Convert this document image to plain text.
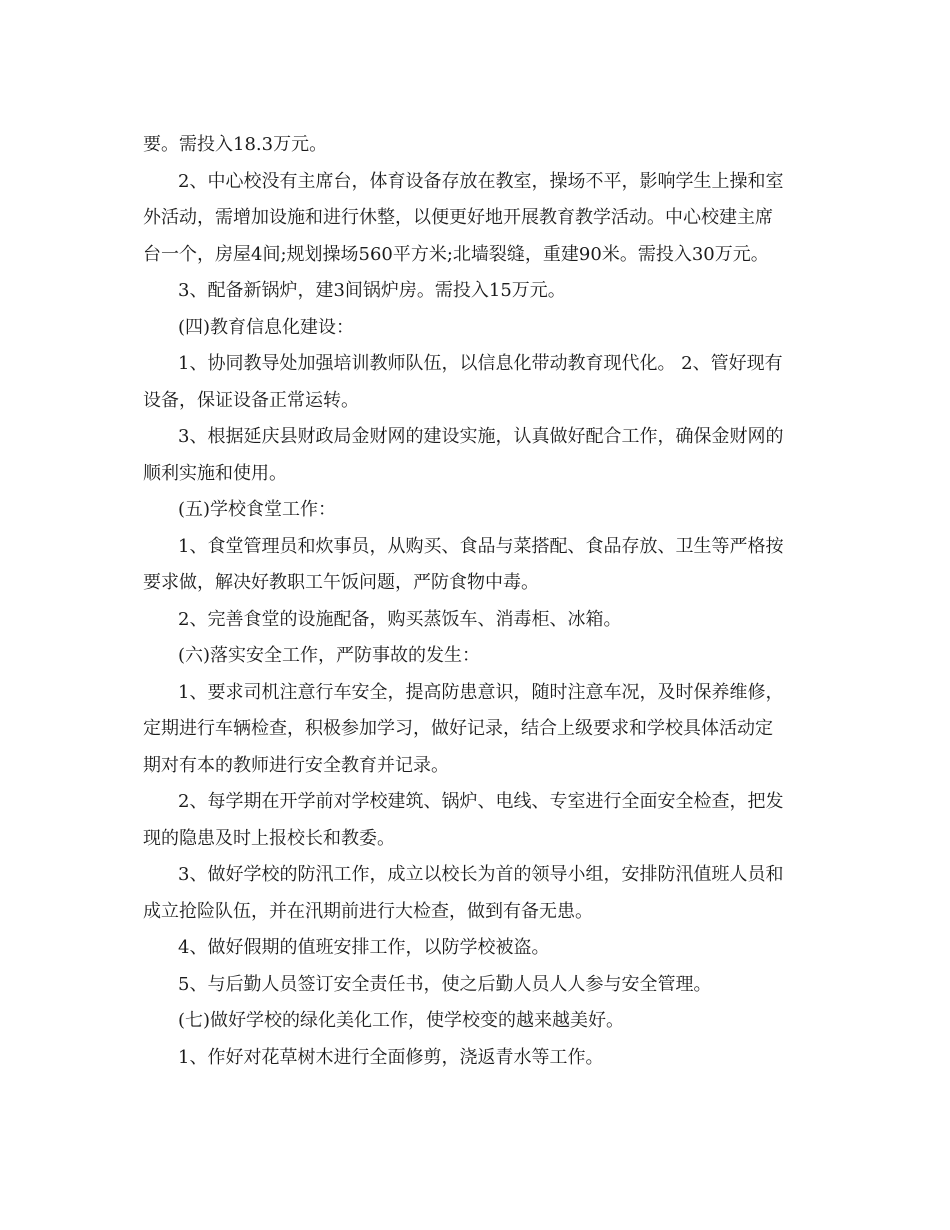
要。需投入18.3万元。
2、中心校没有主席台，体育设备存放在教室，操场不平，影响学生上操和室
外活动，需增加设施和进行休整，以便更好地开展教育教学活动。中心校建主席
台一个，房屋4间;规划操场560平方米;北墙裂缝，重建90米。需投入30万元。
3、配备新锅炉，建3间锅炉房。需投入15万元。
(四)教育信息化建设：
1、协同教导处加强培训教师队伍，以信息化带动教育现代化。 2、管好现有
设备，保证设备正常运转。
3、根据延庆县财政局金财网的建设实施，认真做好配合工作，确保金财网的
顺利实施和使用。
(五)学校食堂工作：
1、食堂管理员和炊事员，从购买、食品与菜搭配、食品存放、卫生等严格按
要求做，解决好教职工午饭问题，严防食物中毒。
2、完善食堂的设施配备，购买蒸饭车、消毒柜、冰箱。
(六)落实安全工作，严防事故的发生：
1、要求司机注意行车安全，提高防患意识，随时注意车况，及时保养维修，
定期进行车辆检查，积极参加学习，做好记录，结合上级要求和学校具体活动定
期对有本的教师进行安全教育并记录。
2、每学期在开学前对学校建筑、锅炉、电线、专室进行全面安全检查，把发
现的隐患及时上报校长和教委。
3、做好学校的防汛工作，成立以校长为首的领导小组，安排防汛值班人员和
成立抢险队伍，并在汛期前进行大检查，做到有备无患。
4、做好假期的值班安排工作，以防学校被盗。
5、与后勤人员签订安全责任书，使之后勤人员人人参与安全管理。
(七)做好学校的绿化美化工作，使学校变的越来越美好。
1、作好对花草树木进行全面修剪，浇返青水等工作。
